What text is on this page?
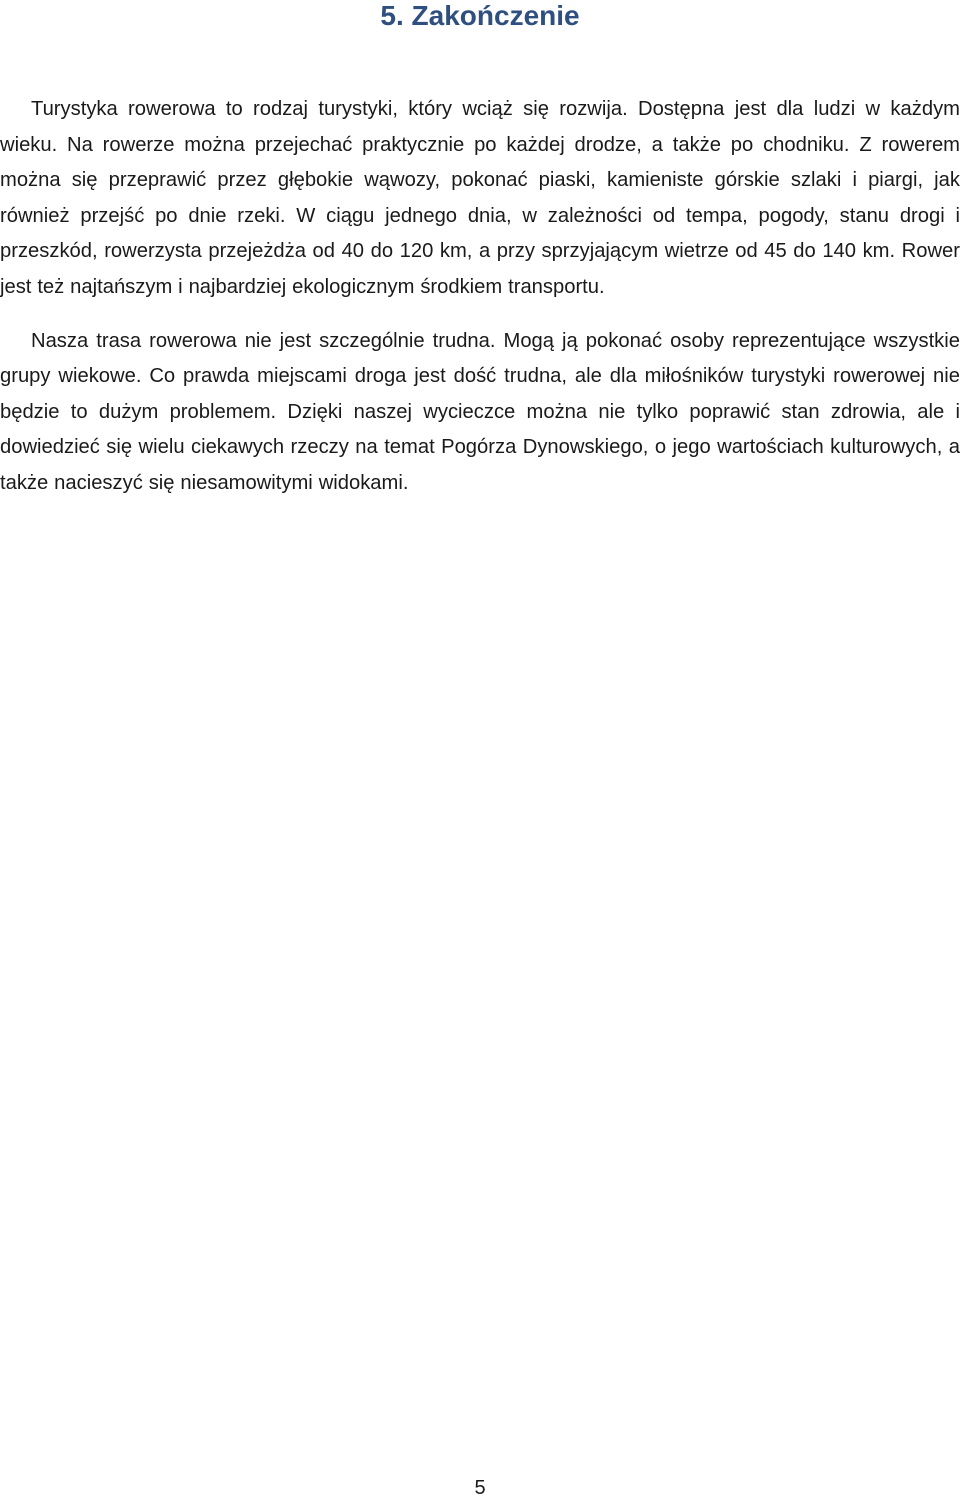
5. Zakończenie

Turystyka rowerowa to rodzaj turystyki, który wciąż się rozwija. Dostępna jest dla ludzi w każdym wieku. Na rowerze można przejechać praktycznie po każdej drodze, a także po chodniku. Z rowerem można się przeprawić przez głębokie wąwozy, pokonać piaski, kamieniste górskie szlaki i piargi, jak również przejść po dnie rzeki. W ciągu jednego dnia, w zależności od tempa, pogody, stanu drogi i przeszkód, rowerzysta przejeżdża od 40 do 120 km, a przy sprzyjającym wietrze od 45 do 140 km. Rower jest też najtańszym i najbardziej ekologicznym środkiem transportu.

Nasza trasa rowerowa nie jest szczególnie trudna. Mogą ją pokonać osoby reprezentujące wszystkie grupy wiekowe. Co prawda miejscami droga jest dość trudna, ale dla miłośników turystyki rowerowej nie będzie to dużym problemem. Dzięki naszej wycieczce można nie tylko poprawić stan zdrowia, ale i dowiedzieć się wielu ciekawych rzeczy na temat Pogórza Dynowskiego, o jego wartościach kulturowych, a także nacieszyć się niesamowitymi widokami.

5
